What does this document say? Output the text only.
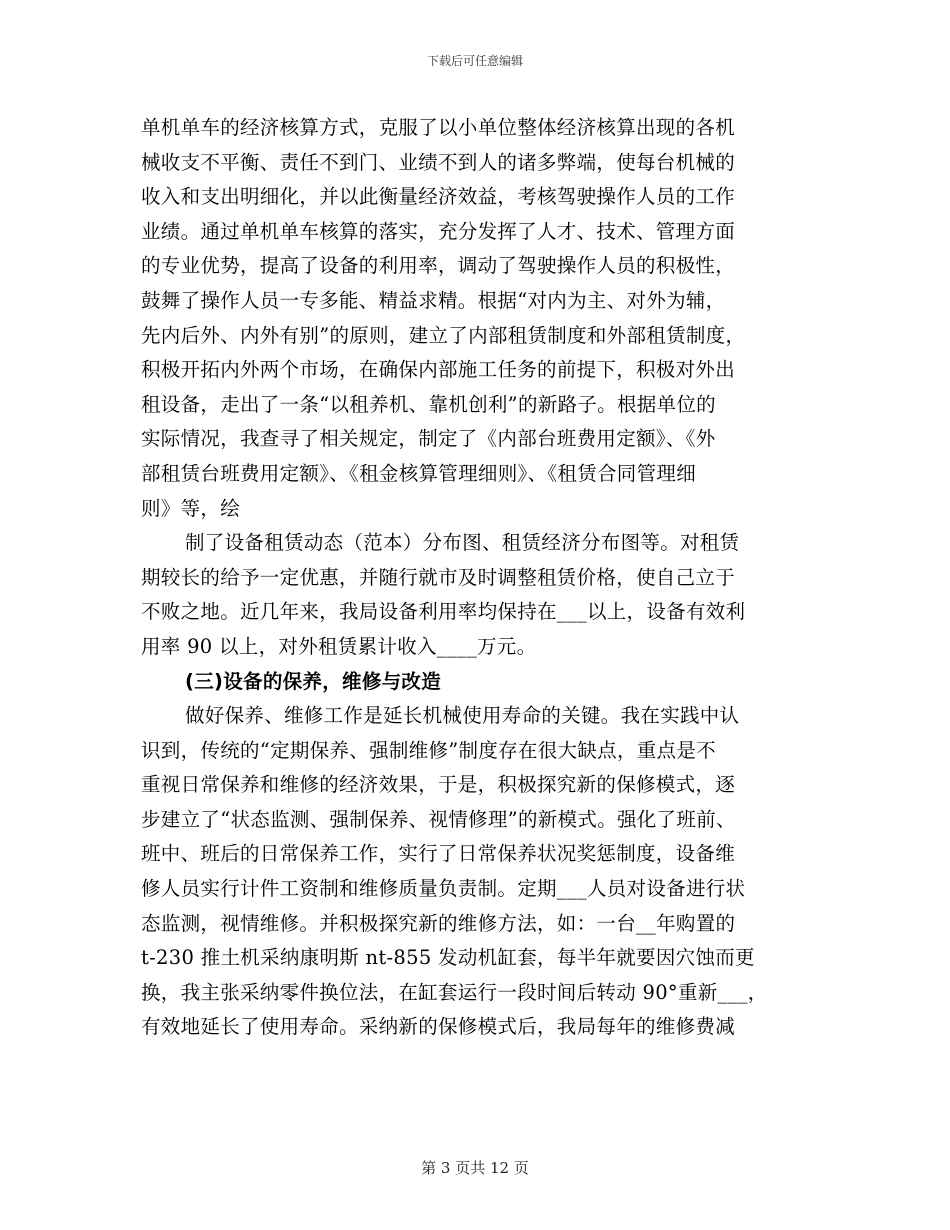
下载后可任意编辑
单机单车的经济核算方式，克服了以小单位整体经济核算出现的各机
械收支不平衡、责任不到门、业绩不到人的诸多弊端，使每台机械的
收入和支出明细化，并以此衡量经济效益，考核驾驶操作人员的工作
业绩。通过单机单车核算的落实，充分发挥了人才、技术、管理方面
的专业优势，提高了设备的利用率，调动了驾驶操作人员的积极性，
鼓舞了操作人员一专多能、精益求精。根据“对内为主、对外为辅，
先内后外、内外有别”的原则，建立了内部租赁制度和外部租赁制度，
积极开拓内外两个市场，在确保内部施工任务的前提下，积极对外出
租设备，走出了一条“以租养机、靠机创利”的新路子。根据单位的
实际情况，我查寻了相关规定，制定了《内部台班费用定额》、《外
部租赁台班费用定额》、《租金核算管理细则》、《租赁合同管理细
则》等，绘
制了设备租赁动态（范本）分布图、租赁经济分布图等。对租赁
期较长的给予一定优惠，并随行就市及时调整租赁价格，使自己立于
不败之地。近几年来，我局设备利用率均保持在___以上，设备有效利
用率 90 以上，对外租赁累计收入____万元。
(三)设备的保养，维修与改造
做好保养、维修工作是延长机械使用寿命的关键。我在实践中认
识到，传统的“定期保养、强制维修”制度存在很大缺点，重点是不
重视日常保养和维修的经济效果，于是，积极探究新的保修模式，逐
步建立了“状态监测、强制保养、视情修理”的新模式。强化了班前、
班中、班后的日常保养工作，实行了日常保养状况奖惩制度，设备维
修人员实行计件工资制和维修质量负责制。定期___人员对设备进行状
态监测，视情维修。并积极探究新的维修方法，如：一台__年购置的
t-230 推土机采纳康明斯 nt-855 发动机缸套，每半年就要因穴蚀而更
换，我主张采纳零件换位法，在缸套运行一段时间后转动 90°重新___，
有效地延长了使用寿命。采纳新的保修模式后，我局每年的维修费减
第 3 页共 12 页
